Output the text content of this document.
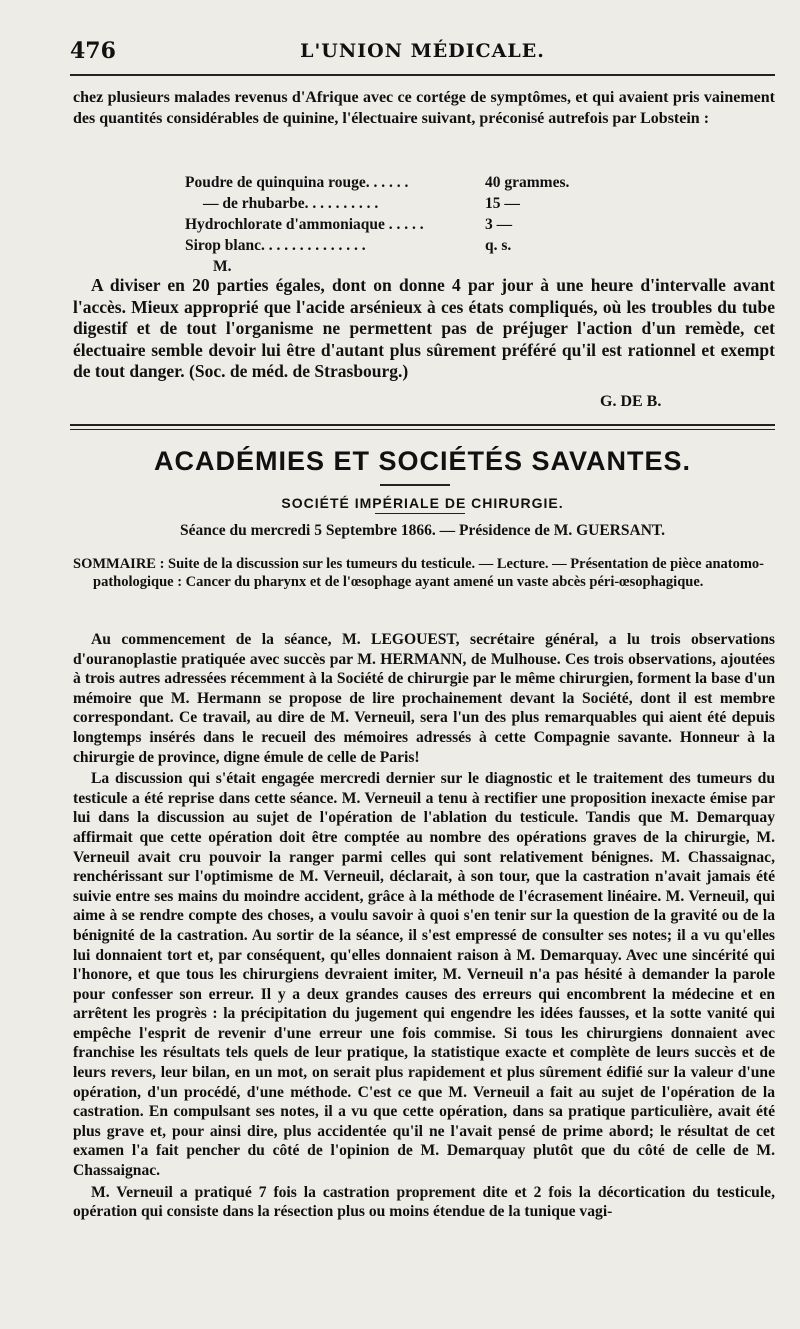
476	L'UNION MÉDICALE.

chez plusieurs malades revenus d'Afrique avec ce cortége de symptômes, et qui avaient pris vainement des quantités considérables de quinine, l'électuaire suivant, préconisé autrefois par Lobstein :

Poudre de quinquina rouge. . . . . .	40 grammes.
— de rhubarbe. . . . . . . . . .	15 —
Hydrochlorate d'ammoniaque . . . . .	3 —
Sirop blanc. . . . . . . . . . . . . .	q. s.
M.

A diviser en 20 parties égales, dont on donne 4 par jour à une heure d'intervalle avant l'accès. Mieux approprié que l'acide arsénieux à ces états compliqués, où les troubles du tube digestif et de tout l'organisme ne permettent pas de préjuger l'action d'un remède, cet électuaire semble devoir lui être d'autant plus sûrement préféré qu'il est rationnel et exempt de tout danger. (Soc. de méd. de Strasbourg.)

G. DE B.
ACADÉMIES ET SOCIÉTÉS SAVANTES.
SOCIÉTÉ IMPÉRIALE DE CHIRURGIE.
Séance du mercredi 5 Septembre 1866. — Présidence de M. GUERSANT.

SOMMAIRE : Suite de la discussion sur les tumeurs du testicule. — Lecture. — Présentation de pièce anatomo-pathologique : Cancer du pharynx et de l'œsophage ayant amené un vaste abcès péri-œsophagique.

Au commencement de la séance, M. LEGOUEST, secrétaire général, a lu trois observations d'ouranoplastie pratiquée avec succès par M. HERMANN, de Mulhouse. Ces trois observations, ajoutées à trois autres adressées récemment à la Société de chirurgie par le même chirurgien, forment la base d'un mémoire que M. Hermann se propose de lire prochainement devant la Société, dont il est membre correspondant. Ce travail, au dire de M. Verneuil, sera l'un des plus remarquables qui aient été depuis longtemps insérés dans le recueil des mémoires adressés à cette Compagnie savante. Honneur à la chirurgie de province, digne émule de celle de Paris!

La discussion qui s'était engagée mercredi dernier sur le diagnostic et le traitement des tumeurs du testicule a été reprise dans cette séance. M. Verneuil a tenu à rectifier une proposition inexacte émise par lui dans la discussion au sujet de l'opération de l'ablation du testicule. Tandis que M. Demarquay affirmait que cette opération doit être comptée au nombre des opérations graves de la chirurgie, M. Verneuil avait cru pouvoir la ranger parmi celles qui sont relativement bénignes. M. Chassaignac, renchérissant sur l'optimisme de M. Verneuil, déclarait, à son tour, que la castration n'avait jamais été suivie entre ses mains du moindre accident, grâce à la méthode de l'écrasement linéaire. M. Verneuil, qui aime à se rendre compte des choses, a voulu savoir à quoi s'en tenir sur la question de la gravité ou de la bénignité de la castration. Au sortir de la séance, il s'est empressé de consulter ses notes; il a vu qu'elles lui donnaient tort et, par conséquent, qu'elles donnaient raison à M. Demarquay. Avec une sincérité qui l'honore, et que tous les chirurgiens devraient imiter, M. Verneuil n'a pas hésité à demander la parole pour confesser son erreur. Il y a deux grandes causes des erreurs qui encombrent la médecine et en arrêtent les progrès : la précipitation du jugement qui engendre les idées fausses, et la sotte vanité qui empêche l'esprit de revenir d'une erreur une fois commise. Si tous les chirurgiens donnaient avec franchise les résultats tels quels de leur pratique, la statistique exacte et complète de leurs succès et de leurs revers, leur bilan, en un mot, on serait plus rapidement et plus sûrement édifié sur la valeur d'une opération, d'un procédé, d'une méthode. C'est ce que M. Verneuil a fait au sujet de l'opération de la castration. En compulsant ses notes, il a vu que cette opération, dans sa pratique particulière, avait été plus grave et, pour ainsi dire, plus accidentée qu'il ne l'avait pensé de prime abord; le résultat de cet examen l'a fait pencher du côté de l'opinion de M. Demarquay plutôt que du côté de celle de M. Chassaignac.

M. Verneuil a pratiqué 7 fois la castration proprement dite et 2 fois la décortication du testicule, opération qui consiste dans la résection plus ou moins étendue de la tunique vagi-
